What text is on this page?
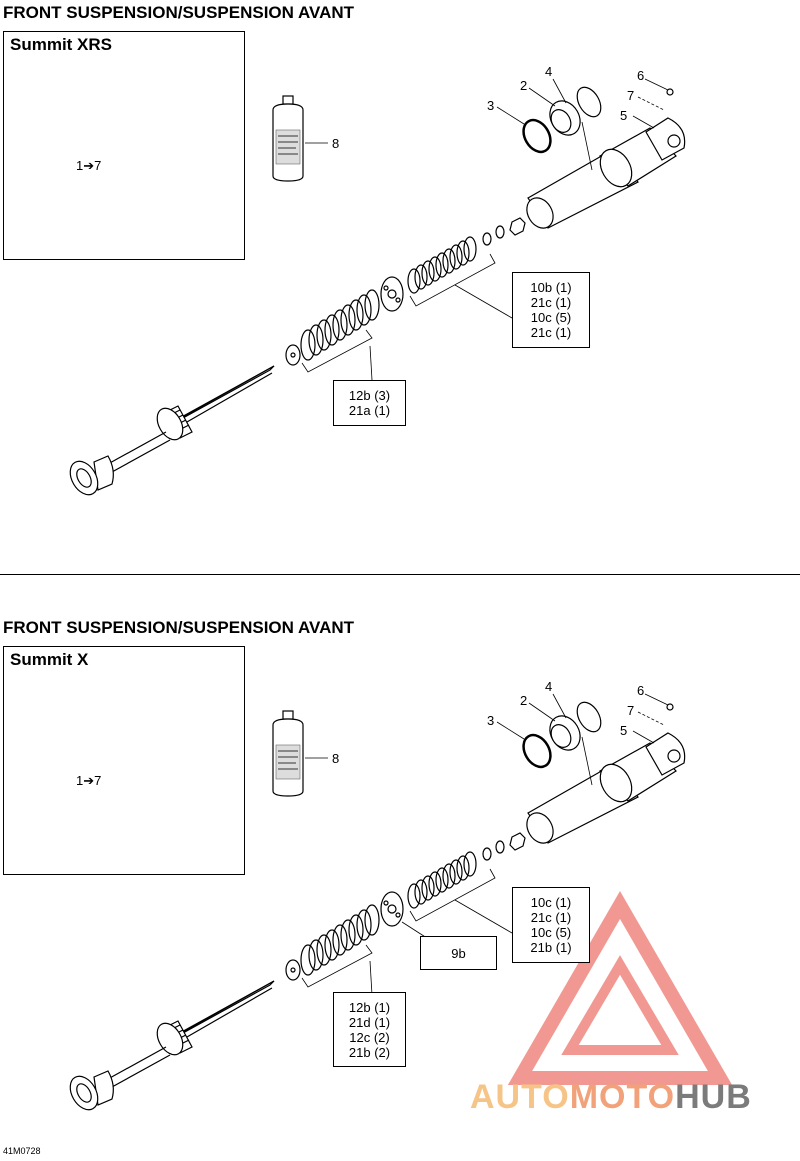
FRONT SUSPENSION/SUSPENSION AVANT
Summit XRS
1➔7
8
2
3
4
5
6
7
10b (1)
21c (1)
10c (5)
21c (1)
12b (3)
21a (1)
FRONT SUSPENSION/SUSPENSION AVANT
Summit X
1➔7
8
2
3
4
5
6
7
10c (1)
21c (1)
10c (5)
21b (1)
9b
12b (1)
21d (1)
12c (2)
21b (2)
AUTOMOTOHUB
41M0728
